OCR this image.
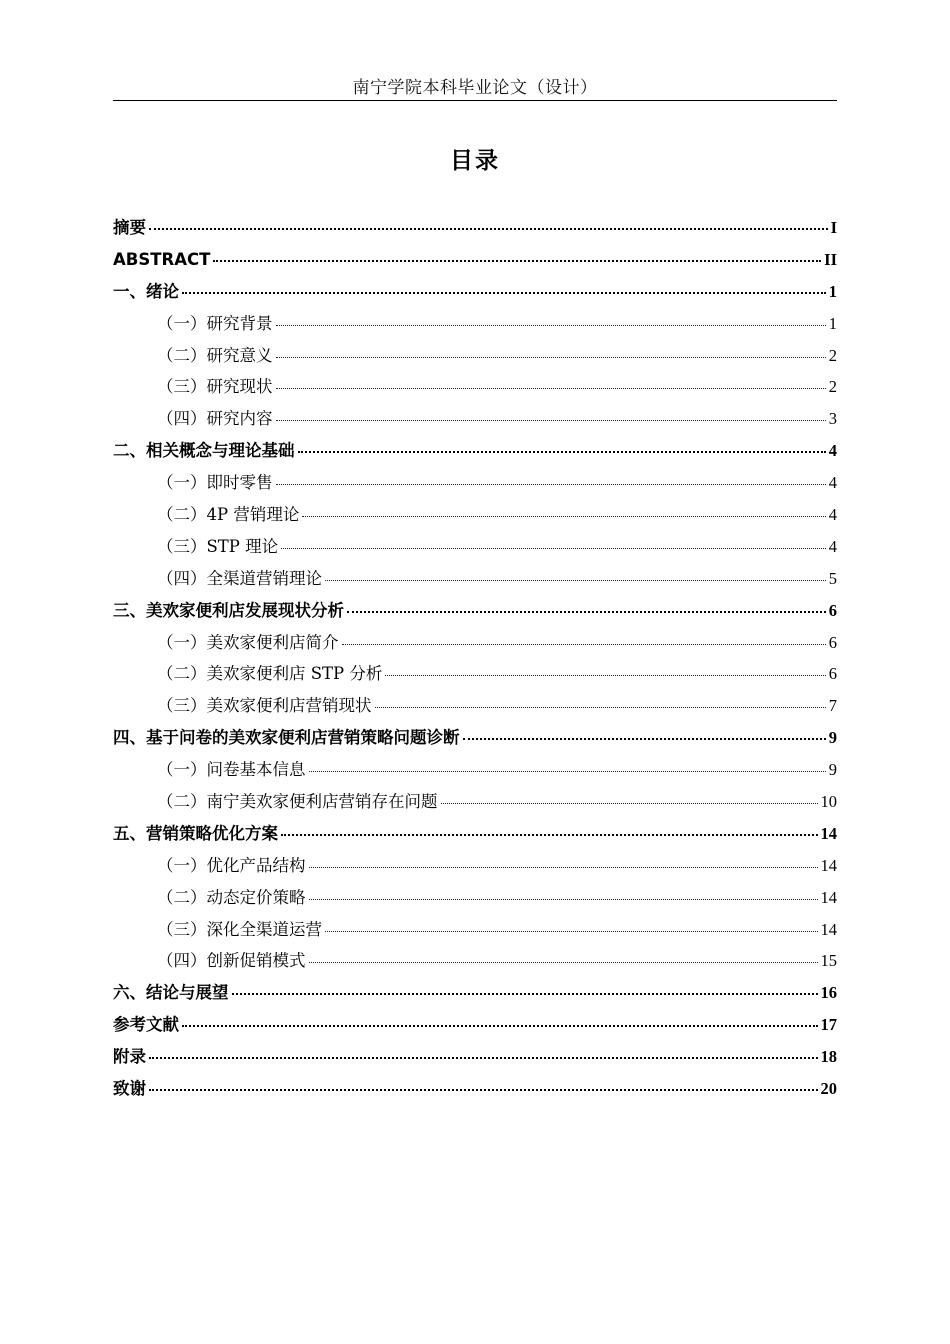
南宁学院本科毕业论文（设计）
目录
摘要	I
ABSTRACT	II
一、绪论	1
（一）研究背景	1
（二）研究意义	2
（三）研究现状	2
（四）研究内容	3
二、相关概念与理论基础	4
（一）即时零售	4
（二）4P 营销理论	4
（三）STP 理论	4
（四）全渠道营销理论	5
三、美欢家便利店发展现状分析	6
（一）美欢家便利店简介	6
（二）美欢家便利店 STP 分析	6
（三）美欢家便利店营销现状	7
四、基于问卷的美欢家便利店营销策略问题诊断	9
（一）问卷基本信息	9
（二）南宁美欢家便利店营销存在问题	10
五、营销策略优化方案	14
（一）优化产品结构	14
（二）动态定价策略	14
（三）深化全渠道运营	14
（四）创新促销模式	15
六、结论与展望	16
参考文献	17
附录	18
致谢	20
